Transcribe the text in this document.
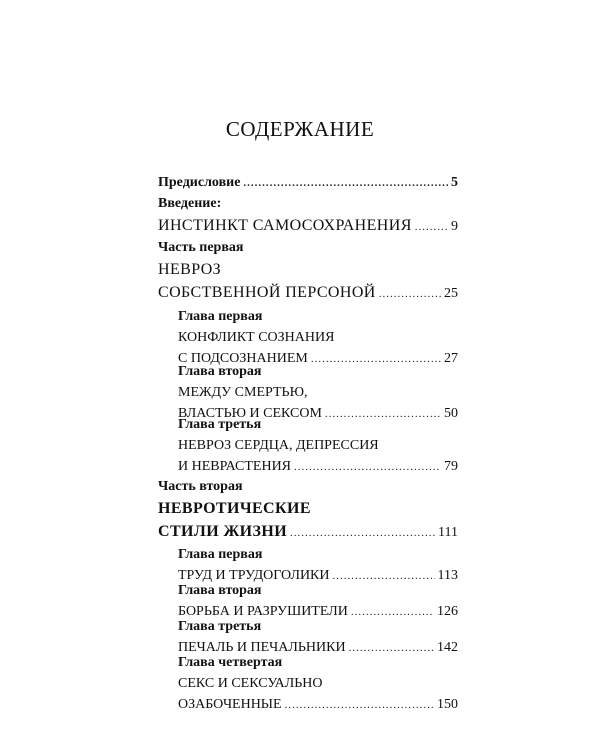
СОДЕРЖАНИЕ
Предисловие .....	5
Введение:
ИНСТИНКТ САМОСОХРАНЕНИЯ .....	9
Часть первая
НЕВРОЗ
СОБСТВЕННОЙ ПЕРСОНОЙ .....	25
Глава первая
КОНФЛИКТ СОЗНАНИЯ
С ПОДСОЗНАНИЕМ .....	27
Глава вторая
МЕЖДУ СМЕРТЬЮ,
ВЛАСТЬЮ И СЕКСОМ .....	50
Глава третья
НЕВРОЗ СЕРДЦА, ДЕПРЕССИЯ
И НЕВРАСТЕНИЯ .....	79
Часть вторая
НЕВРОТИЧЕСКИЕ
СТИЛИ ЖИЗНИ .....	111
Глава первая
ТРУД И ТРУДОГОЛИКИ .....	113
Глава вторая
БОРЬБА И РАЗРУШИТЕЛИ .....	126
Глава третья
ПЕЧАЛЬ И ПЕЧАЛЬНИКИ .....	142
Глава четвертая
СЕКС И СЕКСУАЛЬНО
ОЗАБОЧЕННЫЕ .....	150
